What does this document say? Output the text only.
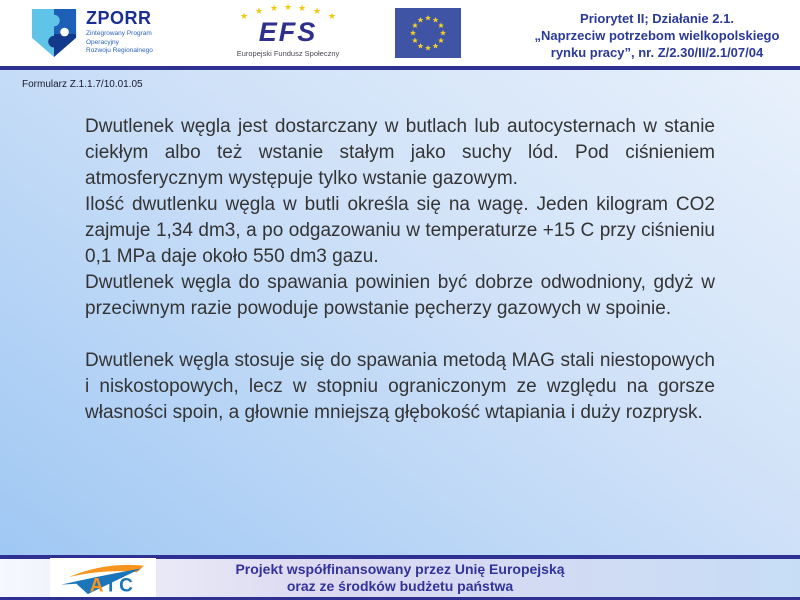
ZPORR
Zintegrowany Program
Operacyjny
Rozwoju Regionalnego
★ ★ ★ ★ ★ ★ ★
EFS
Europejski Fundusz Społeczny
Priorytet II; Działanie 2.1.
„Naprzeciw potrzebom wielkopolskiego
rynku pracy”, nr. Z/2.30/II/2.1/07/04
Formularz Z.1.1.7/10.01.05

Dwutlenek węgla jest dostarczany w butlach lub autocysternach w stanie ciekłym albo też wstanie stałym jako suchy lód. Pod ciśnieniem atmosferycznym występuje tylko wstanie gazowym.

Ilość dwutlenku węgla w butli określa się na wagę. Jeden kilogram CO2 zajmuje 1,34 dm3, a po odgazowaniu w temperaturze +15 C przy ciśnieniu 0,1 MPa daje około 550 dm3 gazu.

Dwutlenek węgla do spawania powinien być dobrze odwodniony, gdyż w przeciwnym razie powoduje powstanie pęcherzy gazowych w spoinie.

Dwutlenek węgla stosuje się do spawania metodą MAG stali niestopowych i niskostopowych, lecz w stopniu ograniczonym ze względu na gorsze własności spoin, a głownie mniejszą głębokość wtapiania i duży rozprysk.

A T C
Projekt współfinansowany przez Unię Europejską
oraz ze środków budżetu państwa
